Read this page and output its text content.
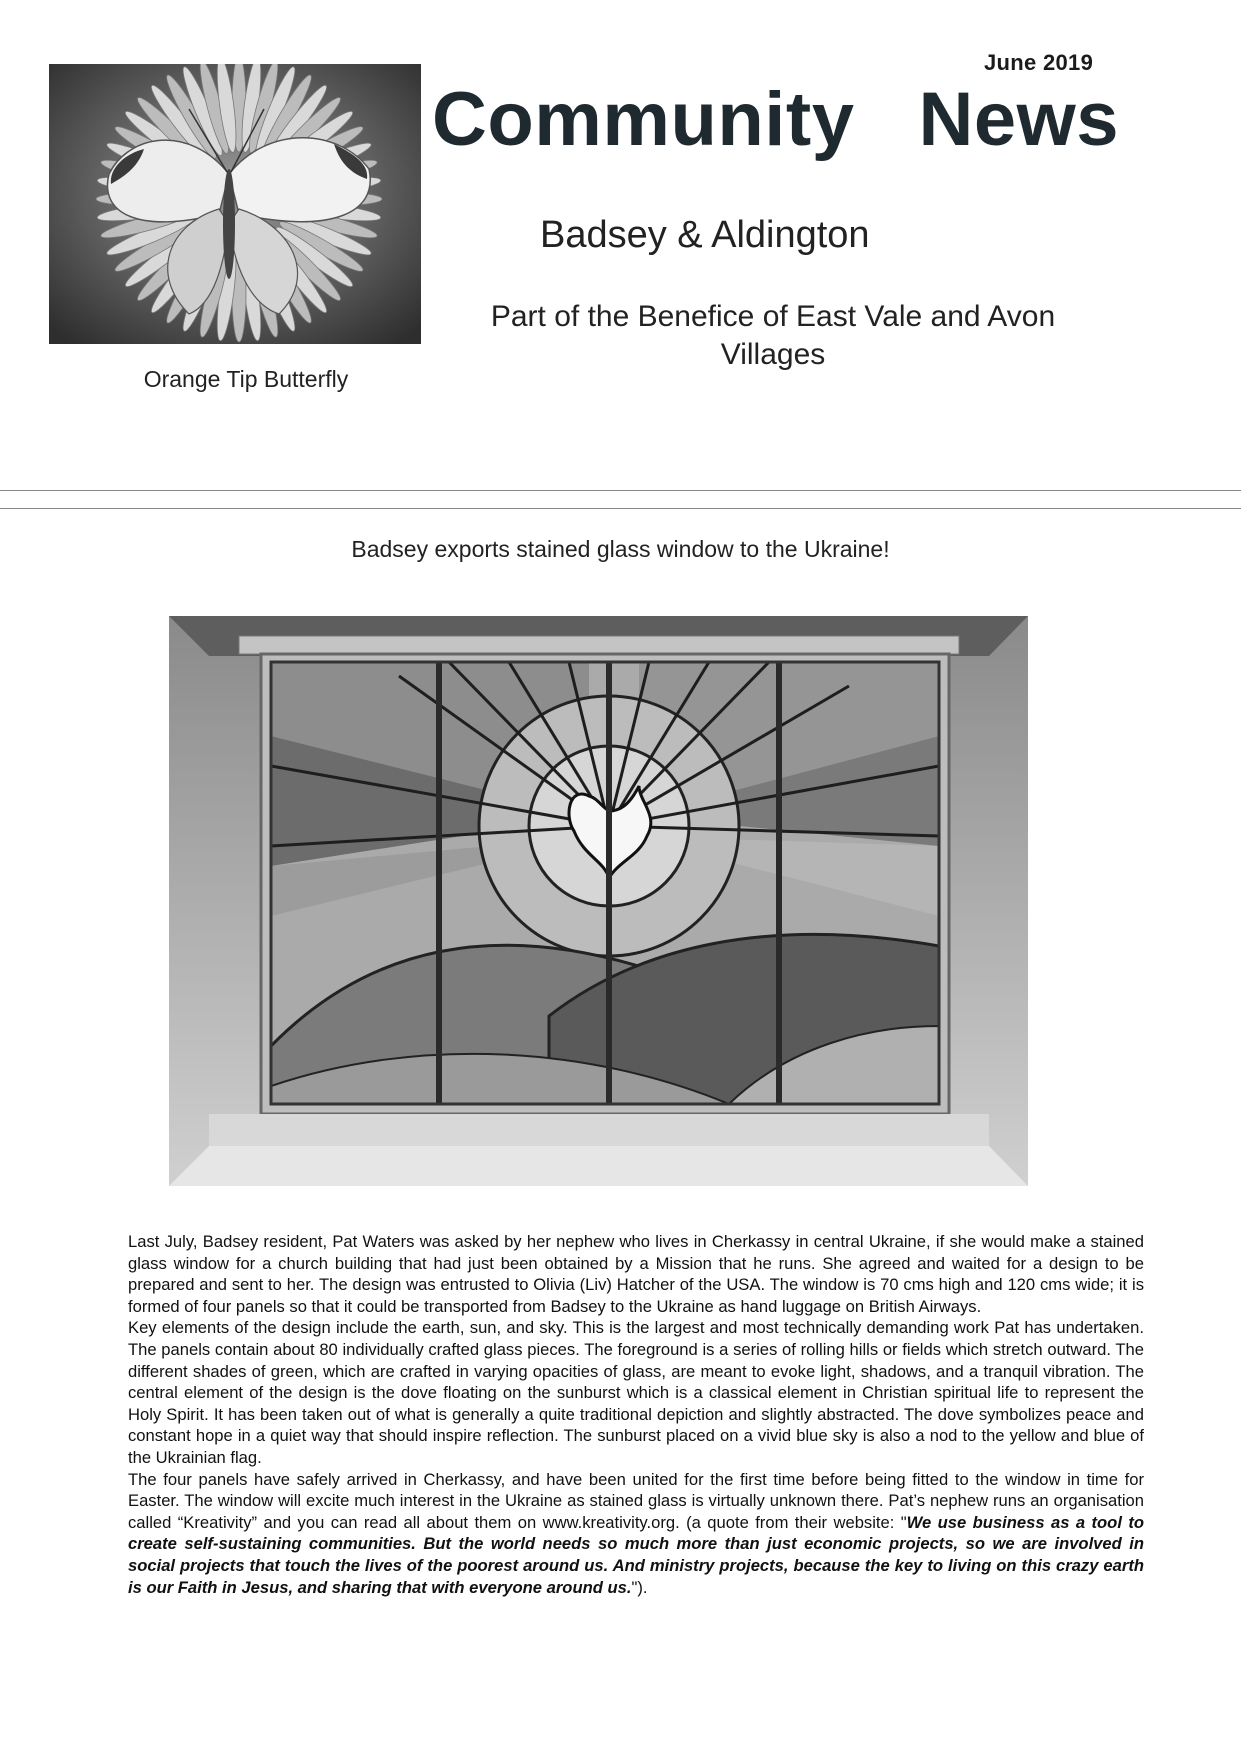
June 2019
Community News
Badsey & Aldington
Part of the Benefice of East Vale and Avon
Villages
Orange Tip Butterfly
Badsey exports stained glass window to the Ukraine!

Last July, Badsey resident, Pat Waters was asked by her nephew who lives in Cherkassy in central Ukraine, if she would make a stained glass window for a church building that had just been obtained by a Mission that he runs. She agreed and waited for a design to be prepared and sent to her. The design was entrusted to Olivia (Liv) Hatcher of the USA. The window is 70 cms high and 120 cms wide; it is formed of four panels so that it could be transported from Badsey to the Ukraine as hand luggage on British Airways.

Key elements of the design include the earth, sun, and sky. This is the largest and most technically demanding work Pat has undertaken. The panels contain about 80 individually crafted glass pieces. The foreground is a series of rolling hills or fields which stretch outward. The different shades of green, which are crafted in varying opacities of glass, are meant to evoke light, shadows, and a tranquil vibration. The central element of the design is the dove floating on the sunburst which is a classical element in Christian spiritual life to represent the Holy Spirit. It has been taken out of what is generally a quite traditional depiction and slightly abstracted. The dove symbolizes peace and constant hope in a quiet way that should inspire reflection. The sunburst placed on a vivid blue sky is also a nod to the yellow and blue of the Ukrainian flag.

The four panels have safely arrived in Cherkassy, and have been united for the first time before being fitted to the window in time for Easter. The window will excite much interest in the Ukraine as stained glass is virtually unknown there. Pat’s nephew runs an organisation called “Kreativity” and you can read all about them on www.kreativity.org. (a quote from their website: "We use business as a tool to create self-sustaining communities. But the world needs so much more than just economic projects, so we are involved in social projects that touch the lives of the poorest around us. And ministry projects, because the key to living on this crazy earth is our Faith in Jesus, and sharing that with everyone around us.").
